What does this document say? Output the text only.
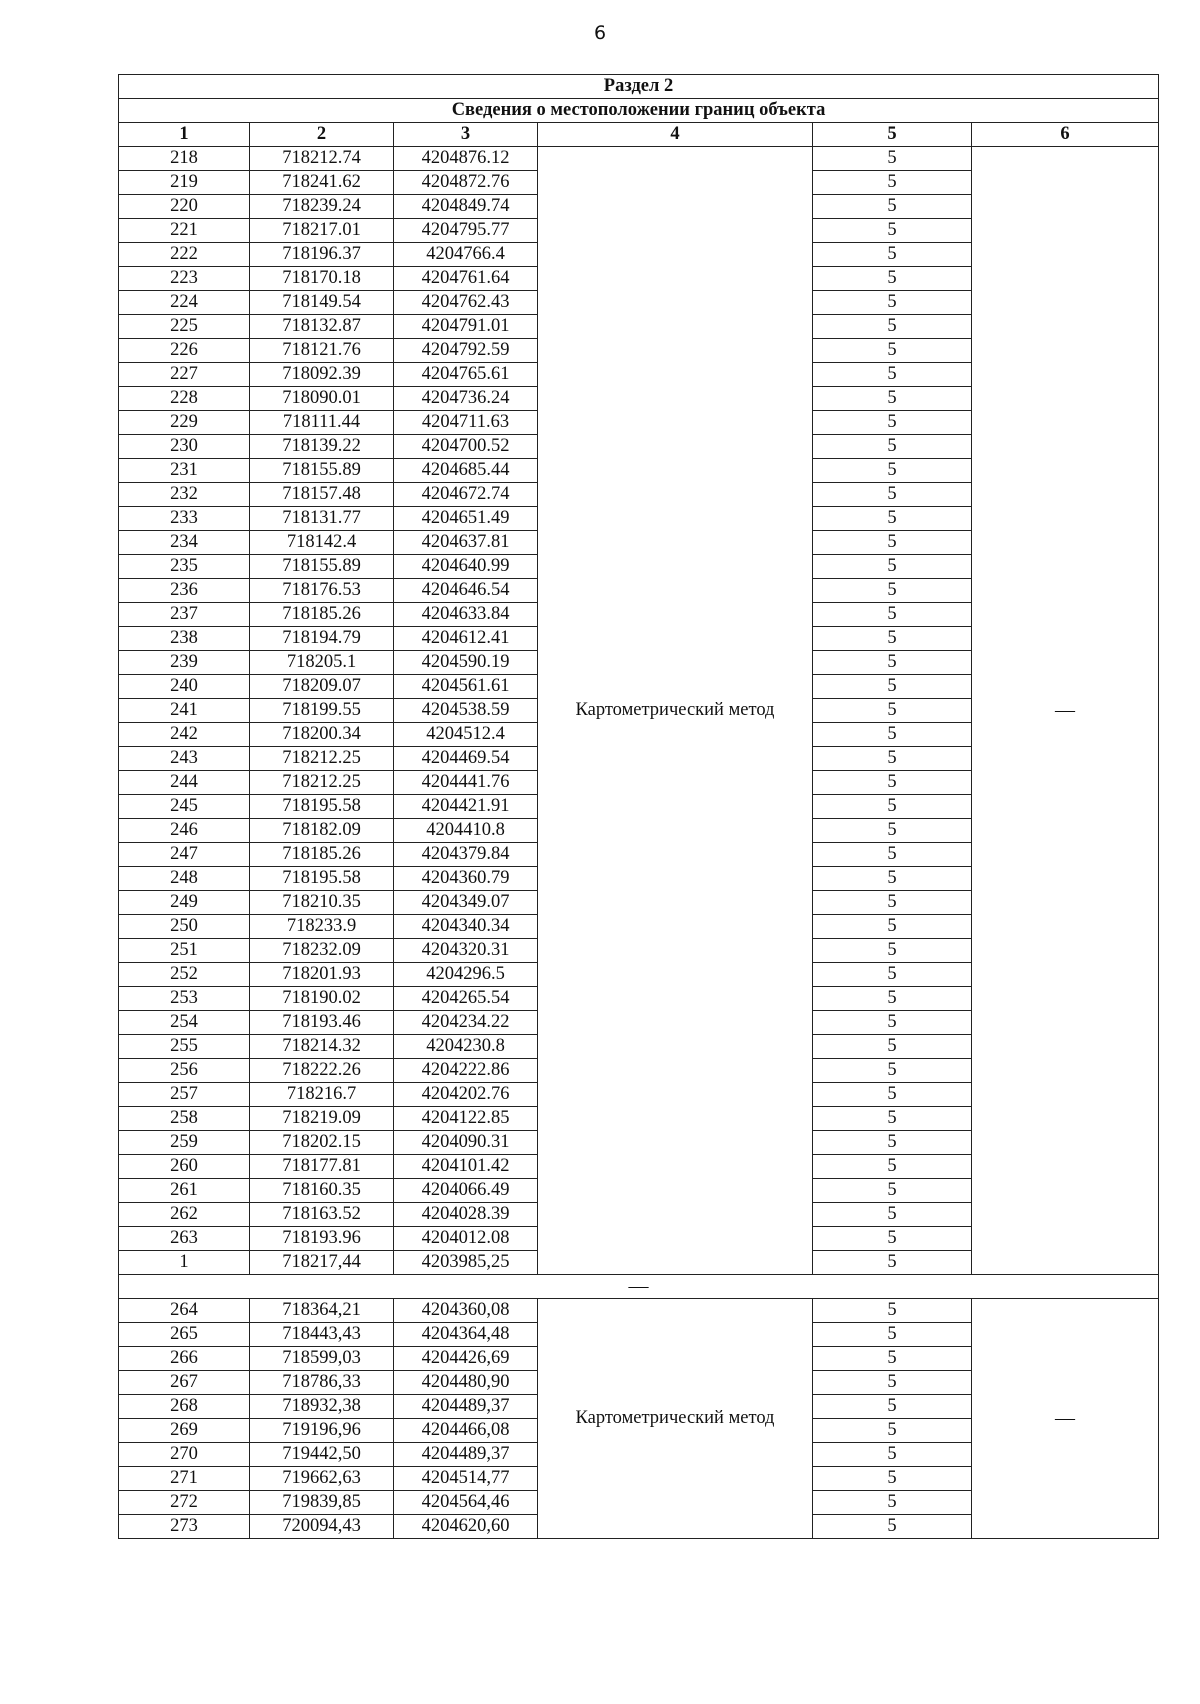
6
Раздел 2					
Сведения о местоположении границ объекта					
1	2	3	4	5	6
218	718212.74	4204876.12	Картометрический метод	5	—
219	718241.62	4204872.76		5	
220	718239.24	4204849.74		5	
221	718217.01	4204795.77		5	
222	718196.37	4204766.4		5	
223	718170.18	4204761.64		5	
224	718149.54	4204762.43		5	
225	718132.87	4204791.01		5	
226	718121.76	4204792.59		5	
227	718092.39	4204765.61		5	
228	718090.01	4204736.24		5	
229	718111.44	4204711.63		5	
230	718139.22	4204700.52		5	
231	718155.89	4204685.44		5	
232	718157.48	4204672.74		5	
233	718131.77	4204651.49		5	
234	718142.4	4204637.81		5	
235	718155.89	4204640.99		5	
236	718176.53	4204646.54		5	
237	718185.26	4204633.84		5	
238	718194.79	4204612.41		5	
239	718205.1	4204590.19		5	
240	718209.07	4204561.61		5	
241	718199.55	4204538.59		5	
242	718200.34	4204512.4		5	
243	718212.25	4204469.54		5	
244	718212.25	4204441.76		5	
245	718195.58	4204421.91		5	
246	718182.09	4204410.8		5	
247	718185.26	4204379.84		5	
248	718195.58	4204360.79		5	
249	718210.35	4204349.07		5	
250	718233.9	4204340.34		5	
251	718232.09	4204320.31		5	
252	718201.93	4204296.5		5	
253	718190.02	4204265.54		5	
254	718193.46	4204234.22		5	
255	718214.32	4204230.8		5	
256	718222.26	4204222.86		5	
257	718216.7	4204202.76		5	
258	718219.09	4204122.85		5	
259	718202.15	4204090.31		5	
260	718177.81	4204101.42		5	
261	718160.35	4204066.49		5	
262	718163.52	4204028.39		5	
263	718193.96	4204012.08		5	
1	718217,44	4203985,25		5	
—					
264	718364,21	4204360,08	Картометрический метод	5	—
265	718443,43	4204364,48		5	
266	718599,03	4204426,69		5	
267	718786,33	4204480,90		5	
268	718932,38	4204489,37		5	
269	719196,96	4204466,08		5	
270	719442,50	4204489,37		5	
271	719662,63	4204514,77		5	
272	719839,85	4204564,46		5	
273	720094,43	4204620,60		5	
